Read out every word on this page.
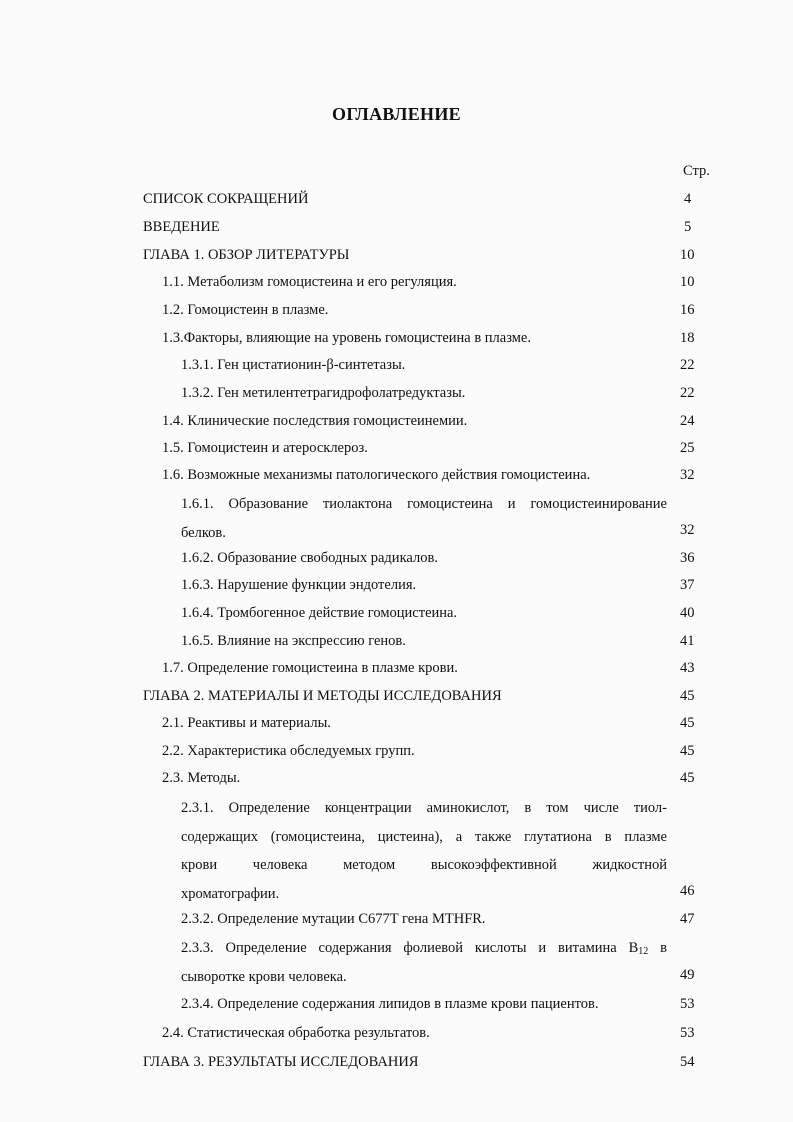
ОГЛАВЛЕНИЕ
Стр.
СПИСОК СОКРАЩЕНИЙ	4
ВВЕДЕНИЕ	5
ГЛАВА 1. ОБЗОР ЛИТЕРАТУРЫ	10
1.1. Метаболизм гомоцистеина и его регуляция.	10
1.2. Гомоцистеин в плазме.	16
1.3.Факторы, влияющие на уровень гомоцистеина в плазме.	18
1.3.1. Ген цистатионин-β-синтетазы.	22
1.3.2. Ген метилентетрагидрофолатредуктазы.	22
1.4. Клинические последствия гомоцистеинемии.	24
1.5. Гомоцистеин и атеросклероз.	25
1.6. Возможные механизмы патологического действия гомоцистеина.	32
1.6.1. Образование тиолактона гомоцистеина и гомоцистеинирование
белков.	32
1.6.2. Образование свободных радикалов.	36
1.6.3. Нарушение функции эндотелия.	37
1.6.4. Тромбогенное действие гомоцистеина.	40
1.6.5. Влияние на экспрессию генов.	41
1.7. Определение гомоцистеина в плазме крови.	43
ГЛАВА 2. МАТЕРИАЛЫ И МЕТОДЫ ИССЛЕДОВАНИЯ	45
2.1. Реактивы и материалы.	45
2.2. Характеристика обследуемых групп.	45
2.3. Методы.	45
2.3.1. Определение концентрации аминокислот, в том числе тиол-
содержащих (гомоцистеина, цистеина), а также глутатиона в плазме
крови человека методом высокоэффективной жидкостной
хроматографии.	46
2.3.2. Определение мутации C677T гена MTHFR.	47
2.3.3. Определение содержания фолиевой кислоты и витамина $B_{12}$ в
сыворотке крови человека.	49
2.3.4. Определение содержания липидов в плазме крови пациентов.	53
2.4. Статистическая обработка результатов.	53
ГЛАВА 3. РЕЗУЛЬТАТЫ ИССЛЕДОВАНИЯ	54
